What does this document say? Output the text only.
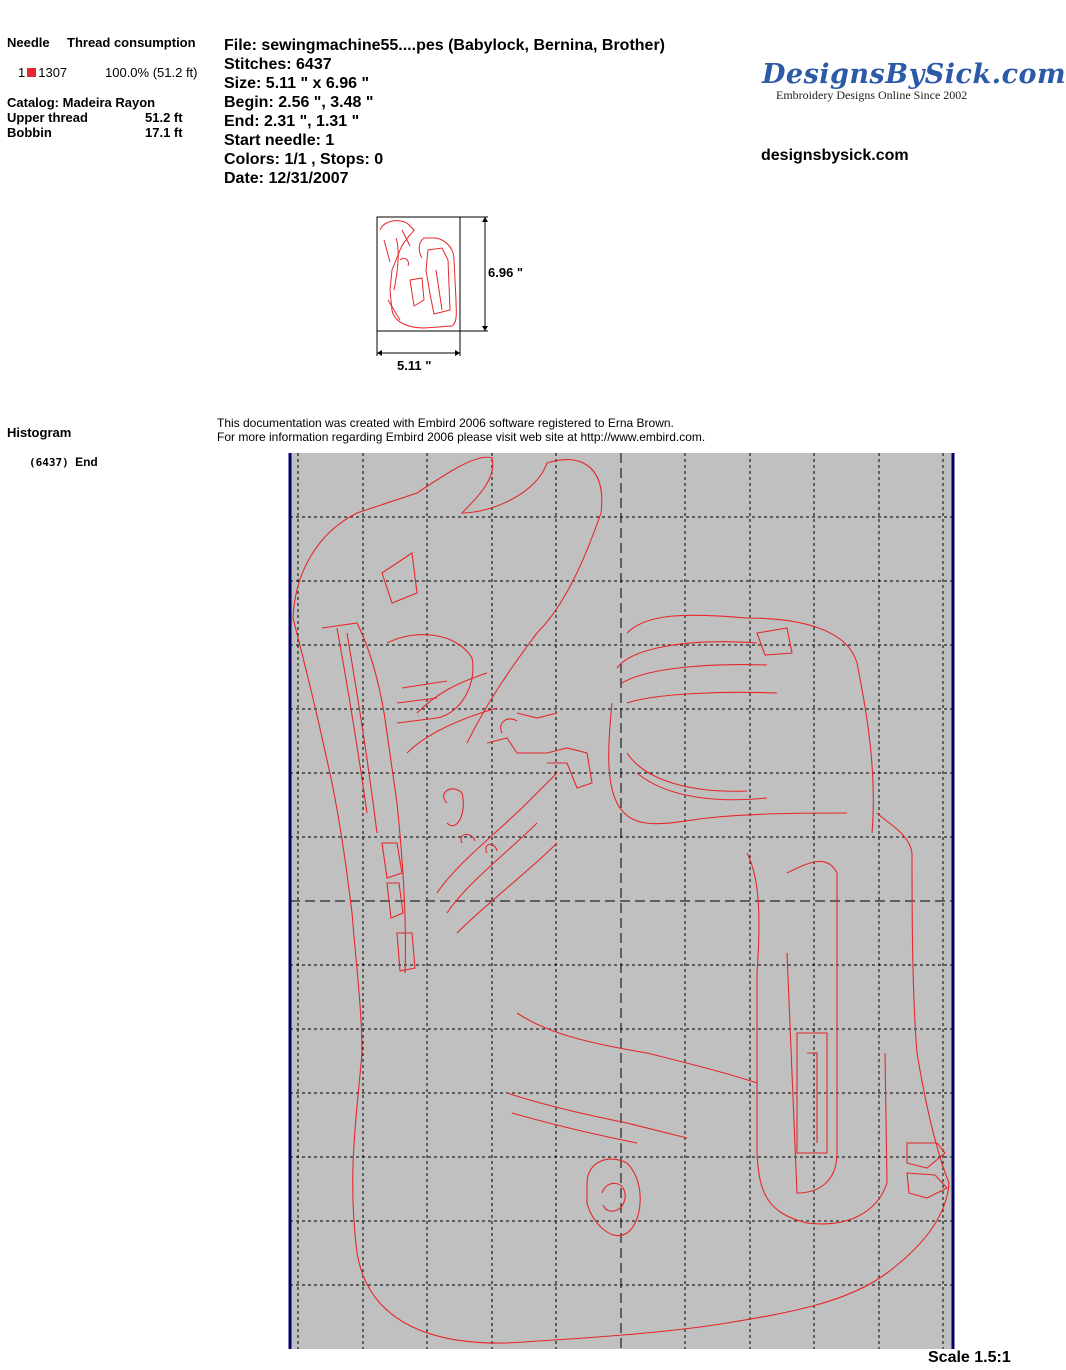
Needle Thread consumption
1 1307	100.0% (51.2 ft)
Catalog: Madeira Rayon
Upper thread	51.2 ft
Bobbin	17.1 ft
File: sewingmachine55....pes (Babylock, Bernina, Brother)
Stitches: 6437
Size: 5.11 " x 6.96 "
Begin: 2.56 ", 3.48 "
End: 2.31 ", 1.31 "
Start needle: 1
Colors: 1/1 , Stops: 0
Date: 12/31/2007
DesignsBySick.com
Embroidery Designs Online Since 2002
designsbysick.com
6.96 "
5.11 "
Histogram
(6437) End
This documentation was created with Embird 2006 software registered to Erna Brown.
For more information regarding Embird 2006 please visit web site at http://www.embird.com.
Scale 1.5:1
